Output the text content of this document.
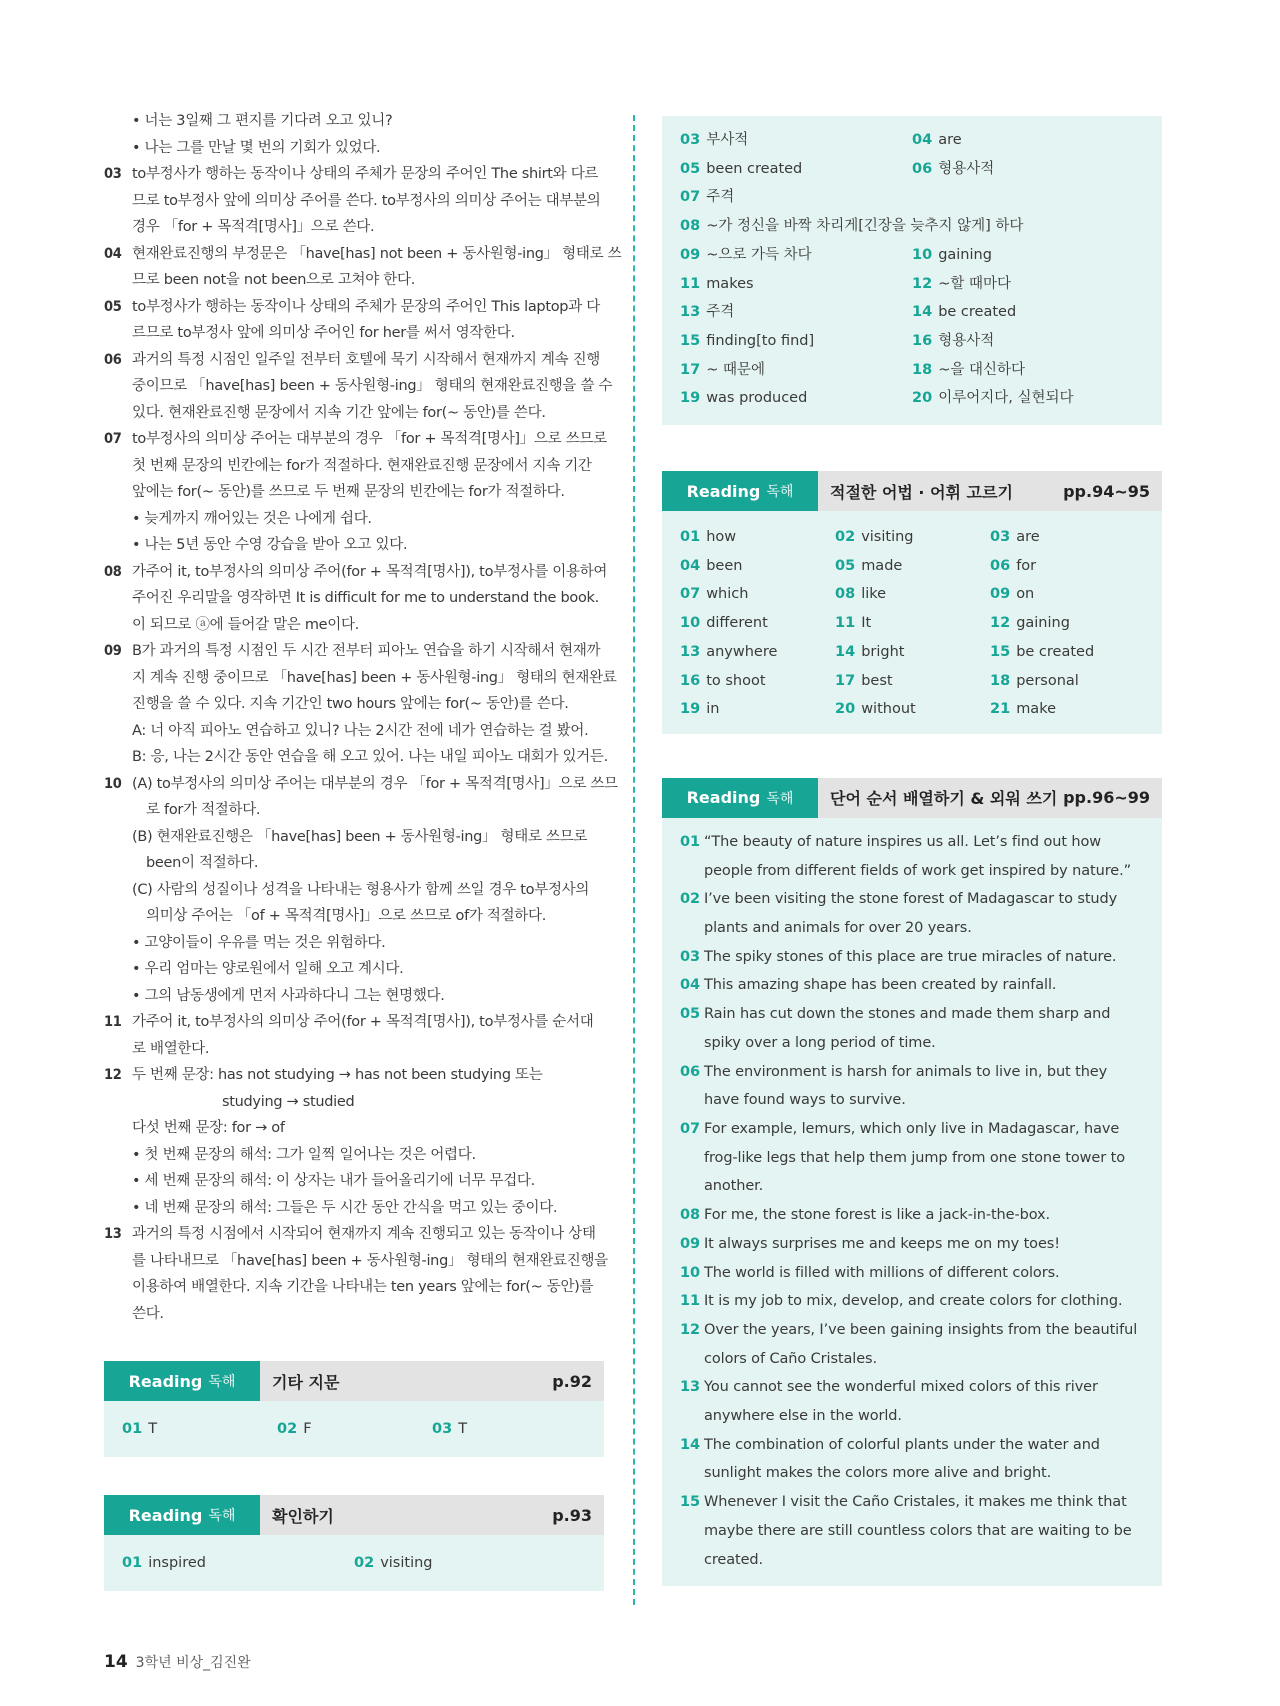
• 너는 3일째 그 편지를 기다려 오고 있니?
• 나는 그를 만날 몇 번의 기회가 있었다.
03 to부정사가 행하는 동작이나 상태의 주체가 문장의 주어인 The shirt와 다르
므로 to부정사 앞에 의미상 주어를 쓴다. to부정사의 의미상 주어는 대부분의
경우 「for + 목적격[명사]」으로 쓴다.
04 현재완료진행의 부정문은 「have[has] not been + 동사원형-ing」 형태로 쓰
므로 been not을 not been으로 고쳐야 한다.
05 to부정사가 행하는 동작이나 상태의 주체가 문장의 주어인 This laptop과 다
르므로 to부정사 앞에 의미상 주어인 for her를 써서 영작한다.
06 과거의 특정 시점인 일주일 전부터 호텔에 묵기 시작해서 현재까지 계속 진행
중이므로 「have[has] been + 동사원형-ing」 형태의 현재완료진행을 쓸 수
있다. 현재완료진행 문장에서 지속 기간 앞에는 for(~ 동안)를 쓴다.
07 to부정사의 의미상 주어는 대부분의 경우 「for + 목적격[명사]」으로 쓰므로
첫 번째 문장의 빈칸에는 for가 적절하다. 현재완료진행 문장에서 지속 기간
앞에는 for(~ 동안)를 쓰므로 두 번째 문장의 빈칸에는 for가 적절하다.
• 늦게까지 깨어있는 것은 나에게 쉽다.
• 나는 5년 동안 수영 강습을 받아 오고 있다.
08 가주어 it, to부정사의 의미상 주어(for + 목적격[명사]), to부정사를 이용하여
주어진 우리말을 영작하면 It is difficult for me to understand the book.
이 되므로 ⓐ에 들어갈 말은 me이다.
09 B가 과거의 특정 시점인 두 시간 전부터 피아노 연습을 하기 시작해서 현재까
지 계속 진행 중이므로 「have[has] been + 동사원형-ing」 형태의 현재완료
진행을 쓸 수 있다. 지속 기간인 two hours 앞에는 for(~ 동안)를 쓴다.
A: 너 아직 피아노 연습하고 있니? 나는 2시간 전에 네가 연습하는 걸 봤어.
B: 응, 나는 2시간 동안 연습을 해 오고 있어. 나는 내일 피아노 대회가 있거든.
10 (A) to부정사의 의미상 주어는 대부분의 경우 「for + 목적격[명사]」으로 쓰므
로 for가 적절하다.
(B) 현재완료진행은 「have[has] been + 동사원형-ing」 형태로 쓰므로
been이 적절하다.
(C) 사람의 성질이나 성격을 나타내는 형용사가 함께 쓰일 경우 to부정사의
의미상 주어는 「of + 목적격[명사]」으로 쓰므로 of가 적절하다.
• 고양이들이 우유를 먹는 것은 위험하다.
• 우리 엄마는 양로원에서 일해 오고 계시다.
• 그의 남동생에게 먼저 사과하다니 그는 현명했다.
11 가주어 it, to부정사의 의미상 주어(for + 목적격[명사]), to부정사를 순서대
로 배열한다.
12 두 번째 문장: has not studying → has not been studying 또는
studying → studied
다섯 번째 문장: for → of
• 첫 번째 문장의 해석: 그가 일찍 일어나는 것은 어렵다.
• 세 번째 문장의 해석: 이 상자는 내가 들어올리기에 너무 무겁다.
• 네 번째 문장의 해석: 그들은 두 시간 동안 간식을 먹고 있는 중이다.
13 과거의 특정 시점에서 시작되어 현재까지 계속 진행되고 있는 동작이나 상태
를 나타내므로 「have[has] been + 동사원형-ing」 형태의 현재완료진행을
이용하여 배열한다. 지속 기간을 나타내는 ten years 앞에는 for(~ 동안)를
쓴다.
Reading 독해	기타 지문	p.92
01 T	02 F	03 T
Reading 독해	확인하기	p.93
01 inspired	02 visiting
03 부사적	04 are
05 been created	06 형용사적
07 주격
08 ~가 정신을 바짝 차리게[긴장을 늦추지 않게] 하다
09 ~으로 가득 차다	10 gaining
11 makes	12 ~할 때마다
13 주격	14 be created
15 finding[to find]	16 형용사적
17 ~ 때문에	18 ~을 대신하다
19 was produced	20 이루어지다, 실현되다
Reading 독해	적절한 어법 · 어휘 고르기	pp.94~95
01 how	02 visiting	03 are
04 been	05 made	06 for
07 which	08 like	09 on
10 different	11 It	12 gaining
13 anywhere	14 bright	15 be created
16 to shoot	17 best	18 personal
19 in	20 without	21 make
Reading 독해	단어 순서 배열하기 & 외워 쓰기 pp.96~99
01 “The beauty of nature inspires us all. Let’s find out how
people from different fields of work get inspired by nature.”
02 I’ve been visiting the stone forest of Madagascar to study
plants and animals for over 20 years.
03 The spiky stones of this place are true miracles of nature.
04 This amazing shape has been created by rainfall.
05 Rain has cut down the stones and made them sharp and
spiky over a long period of time.
06 The environment is harsh for animals to live in, but they
have found ways to survive.
07 For example, lemurs, which only live in Madagascar, have
frog-like legs that help them jump from one stone tower to
another.
08 For me, the stone forest is like a jack-in-the-box.
09 It always surprises me and keeps me on my toes!
10 The world is filled with millions of different colors.
11 It is my job to mix, develop, and create colors for clothing.
12 Over the years, I’ve been gaining insights from the beautiful
colors of Caño Cristales.
13 You cannot see the wonderful mixed colors of this river
anywhere else in the world.
14 The combination of colorful plants under the water and
sunlight makes the colors more alive and bright.
15 Whenever I visit the Caño Cristales, it makes me think that
maybe there are still countless colors that are waiting to be
created.
14 3학년 비상_김진완
